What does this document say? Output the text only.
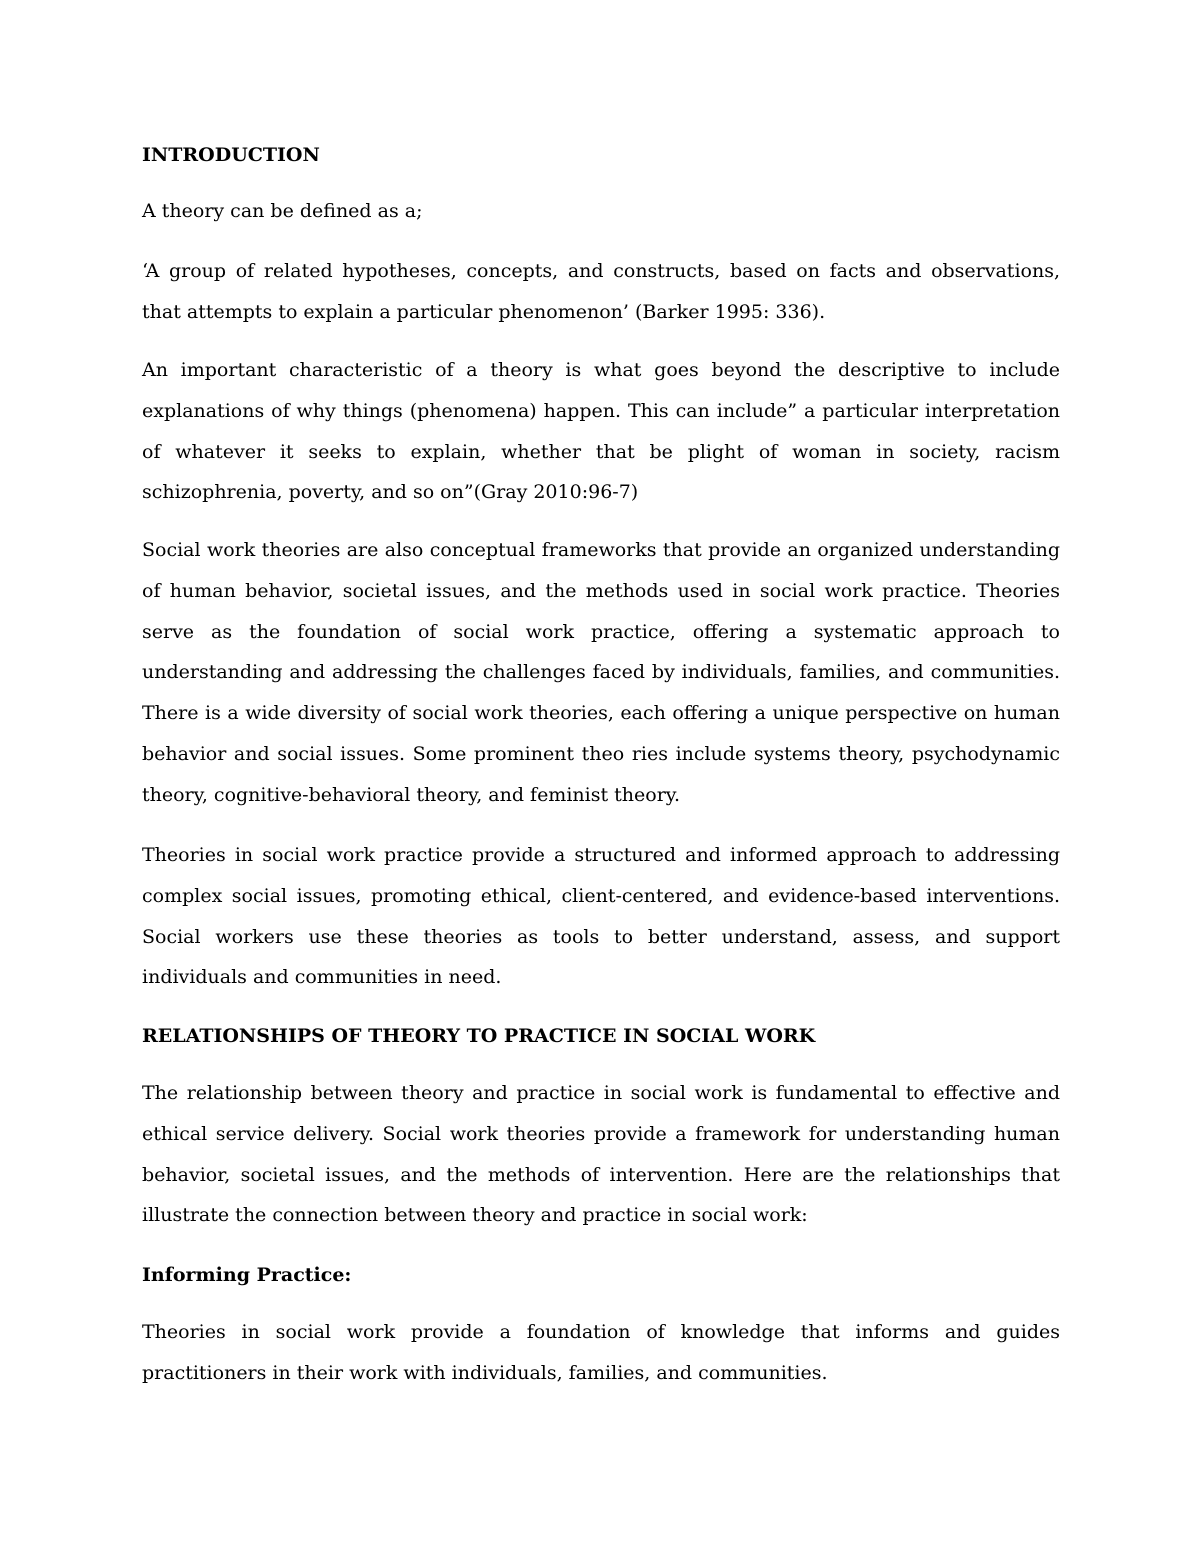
INTRODUCTION

A theory can be defined as a;

‘A group of related hypotheses, concepts, and constructs, based on facts and observations, that attempts to explain a particular phenomenon’ (Barker 1995: 336).

An important characteristic of a theory is what goes beyond the descriptive to include explanations of why things (phenomena) happen. This can include” a particular interpretation of whatever it seeks to explain, whether that be plight of woman in society, racism schizophrenia, poverty, and so on”(Gray 2010:96-7)

Social work theories are also conceptual frameworks that provide an organized understanding of human behavior, societal issues, and the methods used in social work practice. Theories serve as the foundation of social work practice, offering a systematic approach to understanding and addressing the challenges faced by individuals, families, and communities. There is a wide diversity of social work theories, each offering a unique perspective on human behavior and social issues. Some prominent theo ries include systems theory, psychodynamic theory, cognitive-behavioral theory, and feminist theory.

Theories in social work practice provide a structured and informed approach to addressing complex social issues, promoting ethical, client-centered, and evidence-based interventions. Social workers use these theories as tools to better understand, assess, and support individuals and communities in need.

RELATIONSHIPS OF THEORY TO PRACTICE IN SOCIAL WORK

The relationship between theory and practice in social work is fundamental to effective and ethical service delivery. Social work theories provide a framework for understanding human behavior, societal issues, and the methods of intervention. Here are the relationships that illustrate the connection between theory and practice in social work:

Informing Practice:

Theories in social work provide a foundation of knowledge that informs and guides practitioners in their work with individuals, families, and communities.
